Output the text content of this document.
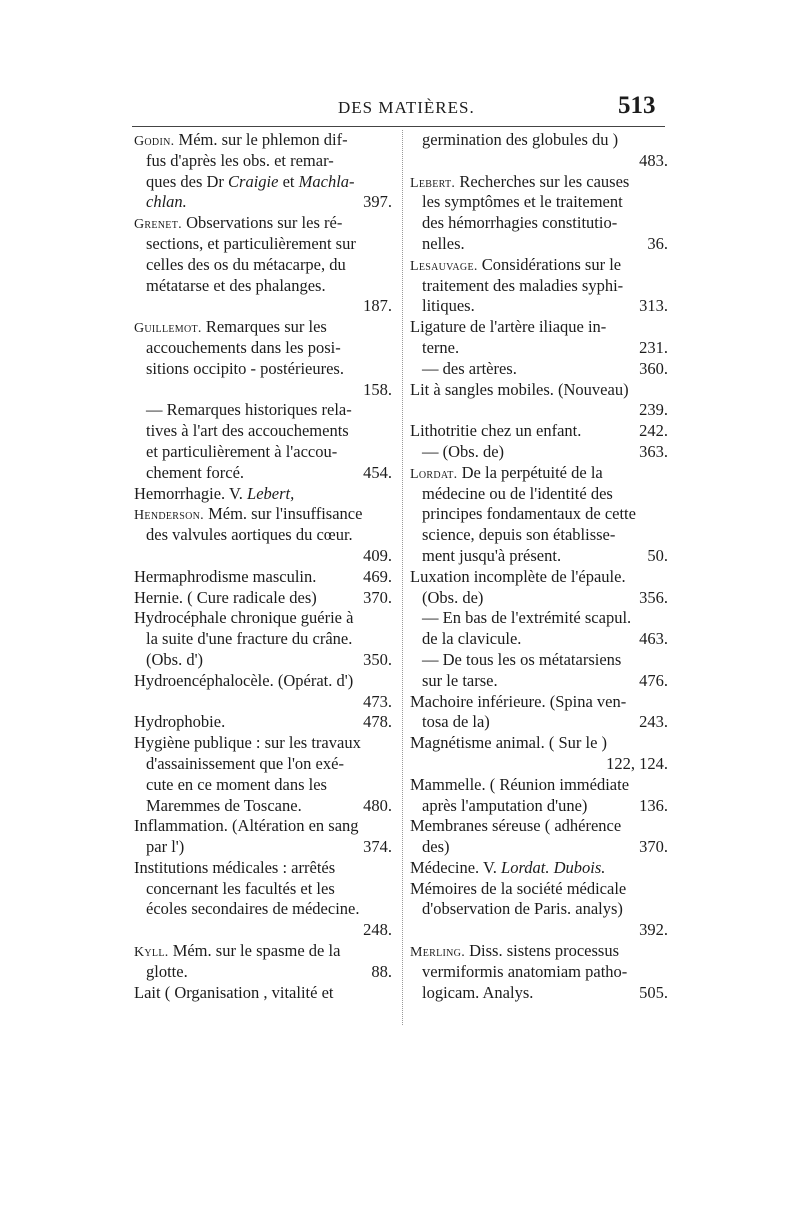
DES MATIÈRES.	513
Godin. Mém. sur le phlemon dif-
fus d'après les obs. et remar-
ques des Dr Craigie et Machla-
chlan.	397.
Grenet. Observations sur les ré-
sections, et particulièrement sur
celles des os du métacarpe, du
métatarse et des phalanges.
187.
Guillemot. Remarques sur les
accouchements dans les posi-
sitions occipito - postérieures.
158.
— Remarques historiques rela-
tives à l'art des accouchements
et particulièrement à l'accou-
chement forcé.	454.
Hemorrhagie. V. Lebert,
Henderson. Mém. sur l'insuffisance
des valvules aortiques du cœur.
409.
Hermaphrodisme masculin.	469.
Hernie. ( Cure radicale des)	370.
Hydrocéphale chronique guérie à
la suite d'une fracture du crâne.
(Obs. d')	350.
Hydroencéphalocèle. (Opérat. d')
473.
Hydrophobie.	478.
Hygiène publique : sur les travaux
d'assainissement que l'on exé-
cute en ce moment dans les
Maremmes de Toscane.	480.
Inflammation. (Altération en sang
par l')	374.
Institutions médicales : arrêtés
concernant les facultés et les
écoles secondaires de médecine.
248.
Kyll. Mém. sur le spasme de la
glotte.	88.
Lait ( Organisation , vitalité et
germination des globules du )
483.
Lebert. Recherches sur les causes
les symptômes et le traitement
des hémorrhagies constitutio-
nelles.	36.
Lesauvage. Considérations sur le
traitement des maladies syphi-
litiques.	313.
Ligature de l'artère iliaque in-
terne.	231.
— des artères.	360.
Lit à sangles mobiles. (Nouveau)
239.
Lithotritie chez un enfant.	242.
— (Obs. de)	363.
Lordat. De la perpétuité de la
médecine ou de l'identité des
principes fondamentaux de cette
science, depuis son établisse-
ment jusqu'à présent.	50.
Luxation incomplète de l'épaule.
(Obs. de)	356.
— En bas de l'extrémité scapul.
de la clavicule.	463.
— De tous les os métatarsiens
sur le tarse.	476.
Machoire inférieure. (Spina ven-
tosa de la)	243.
Magnétisme animal. ( Sur le )
122, 124.
Mammelle. ( Réunion immédiate
après l'amputation d'une)	136.
Membranes séreuse ( adhérence
des)	370.
Médecine. V. Lordat. Dubois.
Mémoires de la société médicale
d'observation de Paris. analys)
392.
Merling. Diss. sistens processus
vermiformis anatomiam patho-
logicam. Analys.	505.
